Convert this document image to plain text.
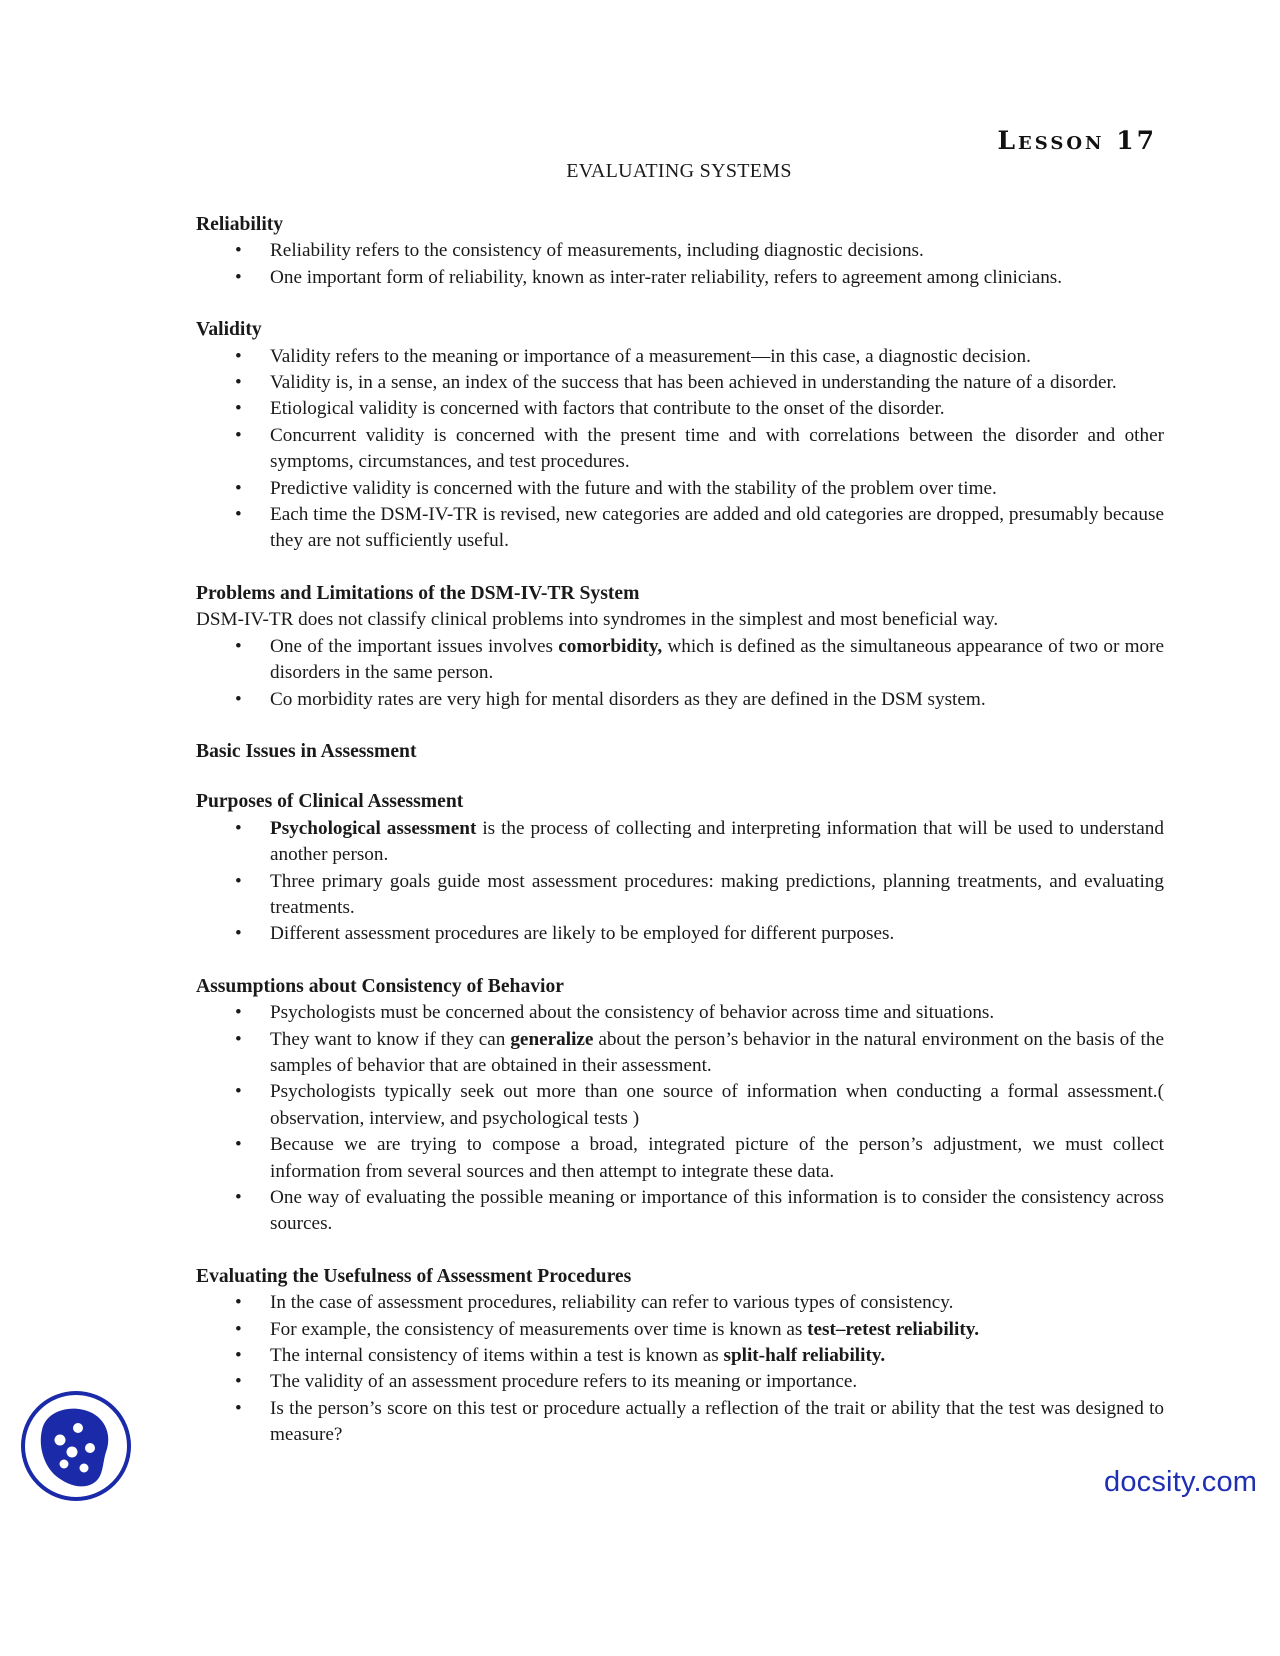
Lesson 17
EVALUATING SYSTEMS
Reliability
• Reliability refers to the consistency of measurements, including diagnostic decisions.
• One important form of reliability, known as inter-rater reliability, refers to agreement among clinicians.
Validity
• Validity refers to the meaning or importance of a measurement—in this case, a diagnostic decision.
• Validity is, in a sense, an index of the success that has been achieved in understanding the nature of a disorder.
• Etiological validity is concerned with factors that contribute to the onset of the disorder.
• Concurrent validity is concerned with the present time and with correlations between the disorder and other symptoms, circumstances, and test procedures.
• Predictive validity is concerned with the future and with the stability of the problem over time.
• Each time the DSM-IV-TR is revised, new categories are added and old categories are dropped, presumably because they are not sufficiently useful.
Problems and Limitations of the DSM-IV-TR System
DSM-IV-TR does not classify clinical problems into syndromes in the simplest and most beneficial way.
• One of the important issues involves comorbidity, which is defined as the simultaneous appearance of two or more disorders in the same person.
• Co morbidity rates are very high for mental disorders as they are defined in the DSM system.
Basic Issues in Assessment
Purposes of Clinical Assessment
• Psychological assessment is the process of collecting and interpreting information that will be used to understand another person.
• Three primary goals guide most assessment procedures: making predictions, planning treatments, and evaluating treatments.
• Different assessment procedures are likely to be employed for different purposes.
Assumptions about Consistency of Behavior
• Psychologists must be concerned about the consistency of behavior across time and situations.
• They want to know if they can generalize about the person’s behavior in the natural environment on the basis of the samples of behavior that are obtained in their assessment.
• Psychologists typically seek out more than one source of information when conducting a formal assessment.( observation, interview, and psychological tests )
• Because we are trying to compose a broad, integrated picture of the person’s adjustment, we must collect information from several sources and then attempt to integrate these data.
• One way of evaluating the possible meaning or importance of this information is to consider the consistency across sources.
Evaluating the Usefulness of Assessment Procedures
• In the case of assessment procedures, reliability can refer to various types of consistency.
• For example, the consistency of measurements over time is known as test–retest reliability.
• The internal consistency of items within a test is known as split-half reliability.
• The validity of an assessment procedure refers to its meaning or importance.
• Is the person’s score on this test or procedure actually a reflection of the trait or ability that the test was designed to measure?
docsity.com
